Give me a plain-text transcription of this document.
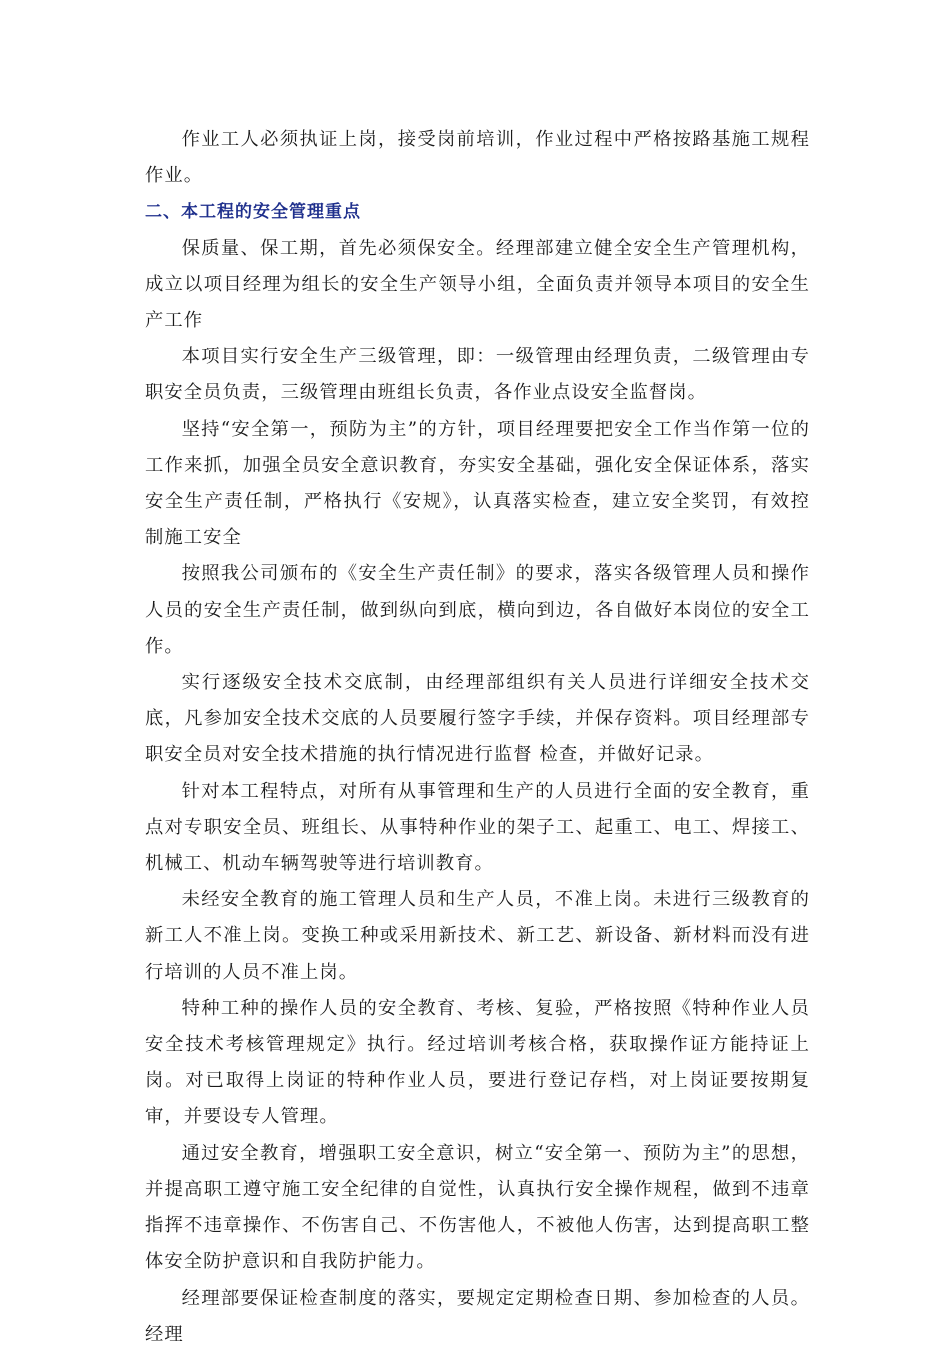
作业工人必须执证上岗，接受岗前培训，作业过程中严格按路基施工规程作业。

二、本工程的安全管理重点

保质量、保工期，首先必须保安全。经理部建立健全安全生产管理机构，成立以项目经理为组长的安全生产领导小组，全面负责并领导本项目的安全生产工作

本项目实行安全生产三级管理，即：一级管理由经理负责，二级管理由专职安全员负责，三级管理由班组长负责，各作业点设安全监督岗。

坚持“安全第一，预防为主”的方针，项目经理要把安全工作当作第一位的工作来抓，加强全员安全意识教育，夯实安全基础，强化安全保证体系，落实安全生产责任制，严格执行《安规》，认真落实检查，建立安全奖罚，有效控制施工安全

按照我公司颁布的《安全生产责任制》的要求，落实各级管理人员和操作人员的安全生产责任制，做到纵向到底，横向到边，各自做好本岗位的安全工作。

实行逐级安全技术交底制，由经理部组织有关人员进行详细安全技术交底，凡参加安全技术交底的人员要履行签字手续，并保存资料。项目经理部专职安全员对安全技术措施的执行情况进行监督 检查，并做好记录。

针对本工程特点，对所有从事管理和生产的人员进行全面的安全教育，重点对专职安全员、班组长、从事特种作业的架子工、起重工、电工、焊接工、机械工、机动车辆驾驶等进行培训教育。

未经安全教育的施工管理人员和生产人员，不准上岗。未进行三级教育的新工人不准上岗。变换工种或采用新技术、新工艺、新设备、新材料而没有进行培训的人员不准上岗。

特种工种的操作人员的安全教育、考核、复验，严格按照《特种作业人员安全技术考核管理规定》执行。经过培训考核合格，获取操作证方能持证上岗。对已取得上岗证的特种作业人员，要进行登记存档，对上岗证要按期复审，并要设专人管理。

通过安全教育，增强职工安全意识，树立“安全第一、预防为主”的思想，并提高职工遵守施工安全纪律的自觉性，认真执行安全操作规程，做到不违章指挥不违章操作、不伤害自己、不伤害他人，不被他人伤害，达到提高职工整体安全防护意识和自我防护能力。

经理部要保证检查制度的落实，要规定定期检查日期、参加检查的人员。经理
